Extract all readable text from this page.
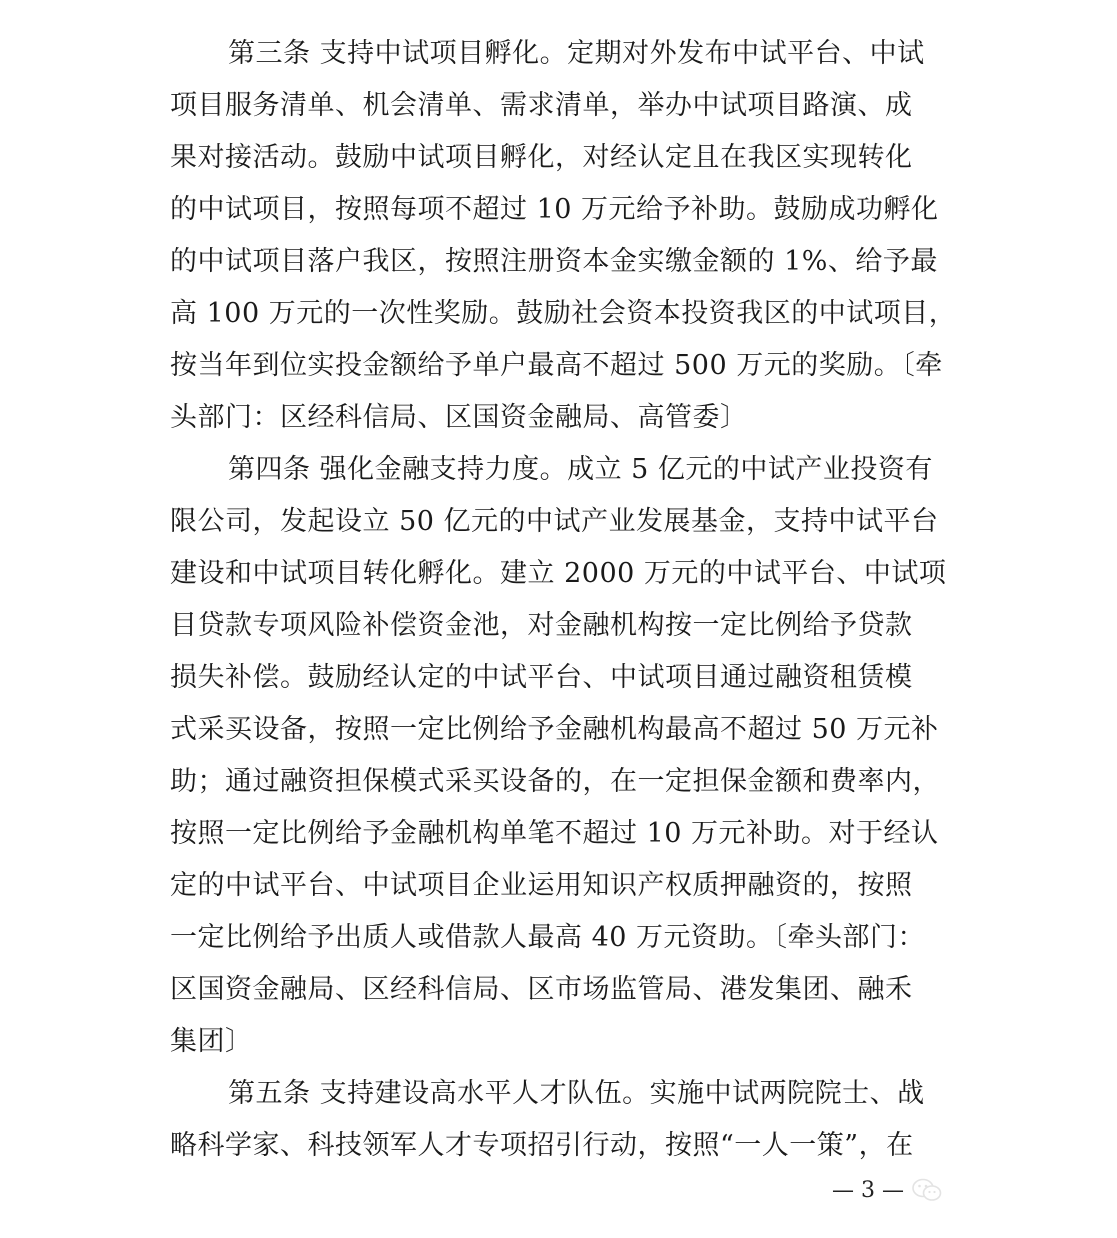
第三条 支持中试项目孵化。定期对外发布中试平台、中试
项目服务清单、机会清单、需求清单，举办中试项目路演、成
果对接活动。鼓励中试项目孵化，对经认定且在我区实现转化
的中试项目，按照每项不超过 10 万元给予补助。鼓励成功孵化
的中试项目落户我区，按照注册资本金实缴金额的 1%、给予最
高 100 万元的一次性奖励。鼓励社会资本投资我区的中试项目，
按当年到位实投金额给予单户最高不超过 500 万元的奖励。〔牵
头部门：区经科信局、区国资金融局、高管委〕
第四条 强化金融支持力度。成立 5 亿元的中试产业投资有
限公司，发起设立 50 亿元的中试产业发展基金，支持中试平台
建设和中试项目转化孵化。建立 2000 万元的中试平台、中试项
目贷款专项风险补偿资金池，对金融机构按一定比例给予贷款
损失补偿。鼓励经认定的中试平台、中试项目通过融资租赁模
式采买设备，按照一定比例给予金融机构最高不超过 50 万元补
助；通过融资担保模式采买设备的，在一定担保金额和费率内，
按照一定比例给予金融机构单笔不超过 10 万元补助。对于经认
定的中试平台、中试项目企业运用知识产权质押融资的，按照
一定比例给予出质人或借款人最高 40 万元资助。〔牵头部门：
区国资金融局、区经科信局、区市场监管局、港发集团、融禾
集团〕
第五条 支持建设高水平人才队伍。实施中试两院院士、战
略科学家、科技领军人才专项招引行动，按照“一人一策”，在
— 3 —
